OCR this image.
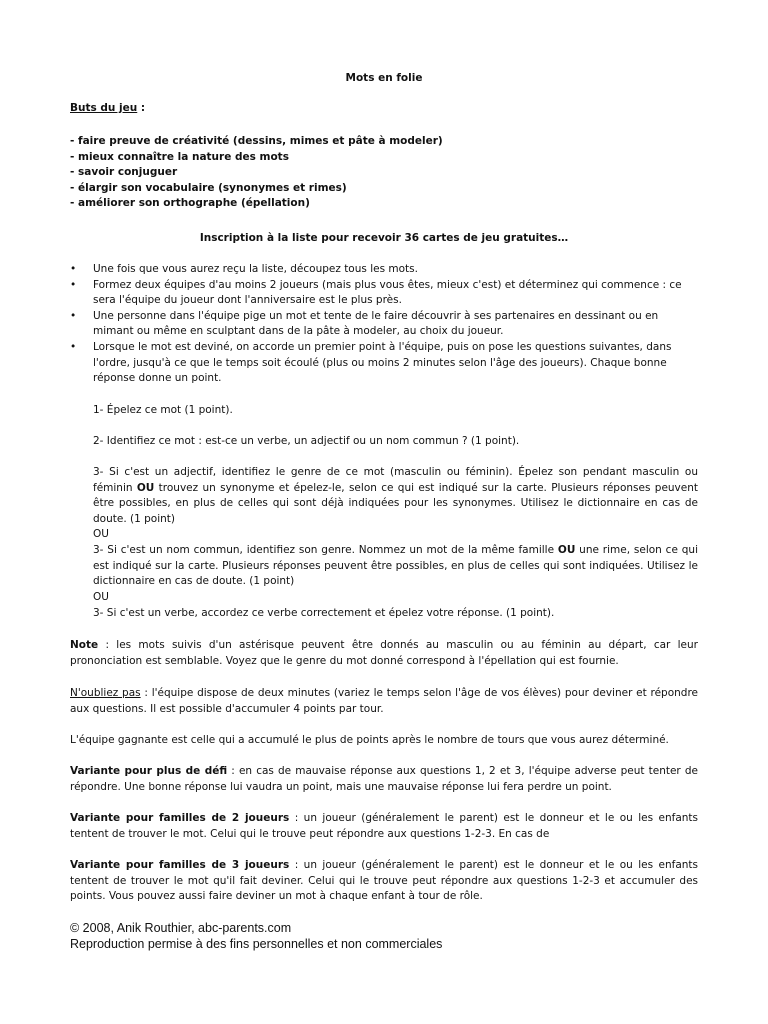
Mots en folie
Buts du jeu :
- faire preuve de créativité (dessins, mimes et pâte à modeler)
- mieux connaître la nature des mots
- savoir conjuguer
- élargir son vocabulaire (synonymes et rimes)
- améliorer son orthographe (épellation)
Inscription à la liste pour recevoir 36 cartes de jeu gratuites…
• Une fois que vous aurez reçu la liste, découpez tous les mots.
• Formez deux équipes d'au moins 2 joueurs (mais plus vous êtes, mieux c'est) et déterminez qui commence : ce sera l'équipe du joueur dont l'anniversaire est le plus près.
• Une personne dans l'équipe pige un mot et tente de le faire découvrir à ses partenaires en dessinant ou en mimant ou même en sculptant dans de la pâte à modeler, au choix du joueur.
• Lorsque le mot est deviné, on accorde un premier point à l'équipe, puis on pose les questions suivantes, dans l'ordre, jusqu'à ce que le temps soit écoulé (plus ou moins 2 minutes selon l'âge des joueurs). Chaque bonne réponse donne un point.

1- Épelez ce mot (1 point).

2- Identifiez ce mot : est-ce un verbe, un adjectif ou un nom commun ? (1 point).

3- Si c'est un adjectif, identifiez le genre de ce mot (masculin ou féminin). Épelez son pendant masculin ou féminin OU trouvez un synonyme et épelez-le, selon ce qui est indiqué sur la carte. Plusieurs réponses peuvent être possibles, en plus de celles qui sont déjà indiquées pour les synonymes. Utilisez le dictionnaire en cas de doute. (1 point)
OU

3- Si c'est un nom commun, identifiez son genre. Nommez un mot de la même famille OU une rime, selon ce qui est indiqué sur la carte. Plusieurs réponses peuvent être possibles, en plus de celles qui sont indiquées. Utilisez le dictionnaire en cas de doute. (1 point)
OU

3- Si c'est un verbe, accordez ce verbe correctement et épelez votre réponse. (1 point).

Note : les mots suivis d'un astérisque peuvent être donnés au masculin ou au féminin au départ, car leur prononciation est semblable. Voyez que le genre du mot donné correspond à l'épellation qui est fournie.

N'oubliez pas : l'équipe dispose de deux minutes (variez le temps selon l'âge de vos élèves) pour deviner et répondre aux questions. Il est possible d'accumuler 4 points par tour.

L'équipe gagnante est celle qui a accumulé le plus de points après le nombre de tours que vous aurez déterminé.

Variante pour plus de défi : en cas de mauvaise réponse aux questions 1, 2 et 3, l'équipe adverse peut tenter de répondre. Une bonne réponse lui vaudra un point, mais une mauvaise réponse lui fera perdre un point.

Variante pour familles de 2 joueurs : un joueur (généralement le parent) est le donneur et le ou les enfants tentent de trouver le mot. Celui qui le trouve peut répondre aux questions 1-2-3. En cas de

Variante pour familles de 3 joueurs : un joueur (généralement le parent) est le donneur et le ou les enfants tentent de trouver le mot qu'il fait deviner. Celui qui le trouve peut répondre aux questions 1-2-3 et accumuler des points. Vous pouvez aussi faire deviner un mot à chaque enfant à tour de rôle.

© 2008, Anik Routhier, abc-parents.com
Reproduction permise à des fins personnelles et non commerciales
